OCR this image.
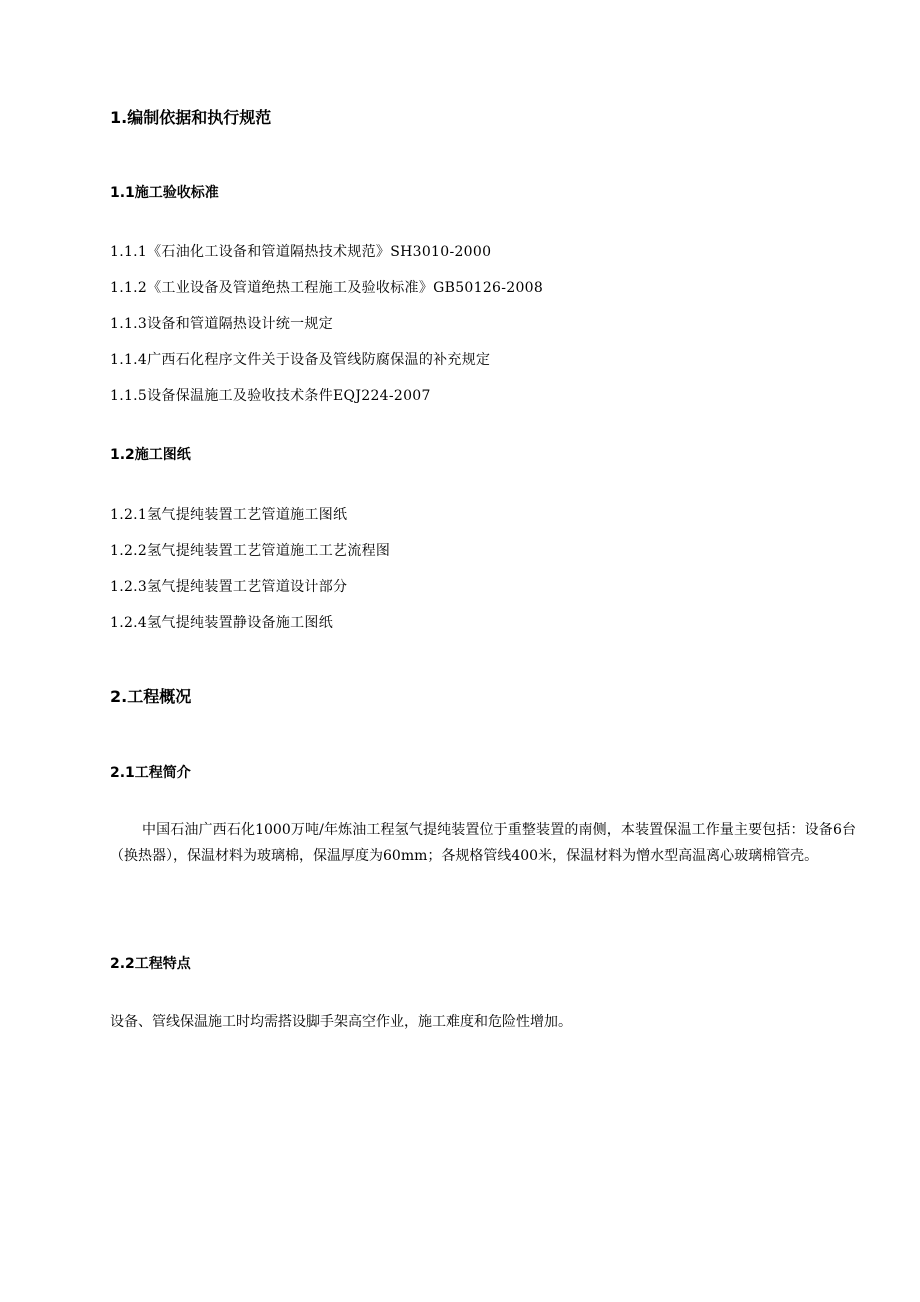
1.编制依据和执行规范
1.1施工验收标准
1.1.1《石油化工设备和管道隔热技术规范》SH3010-2000
1.1.2《工业设备及管道绝热工程施工及验收标准》GB50126-2008
1.1.3设备和管道隔热设计统一规定
1.1.4广西石化程序文件关于设备及管线防腐保温的补充规定
1.1.5设备保温施工及验收技术条件EQJ224-2007
1.2施工图纸
1.2.1氢气提纯装置工艺管道施工图纸
1.2.2氢气提纯装置工艺管道施工工艺流程图
1.2.3氢气提纯装置工艺管道设计部分
1.2.4氢气提纯装置静设备施工图纸
2.工程概况
2.1工程简介
中国石油广西石化1000万吨/年炼油工程氢气提纯装置位于重整装置的南侧，本装置保温工作量主要包括：设备6台（换热器），保温材料为玻璃棉，保温厚度为60mm；各规格管线400米，保温材料为憎水型高温离心玻璃棉管壳。
2.2工程特点
设备、管线保温施工时均需搭设脚手架高空作业，施工难度和危险性增加。
